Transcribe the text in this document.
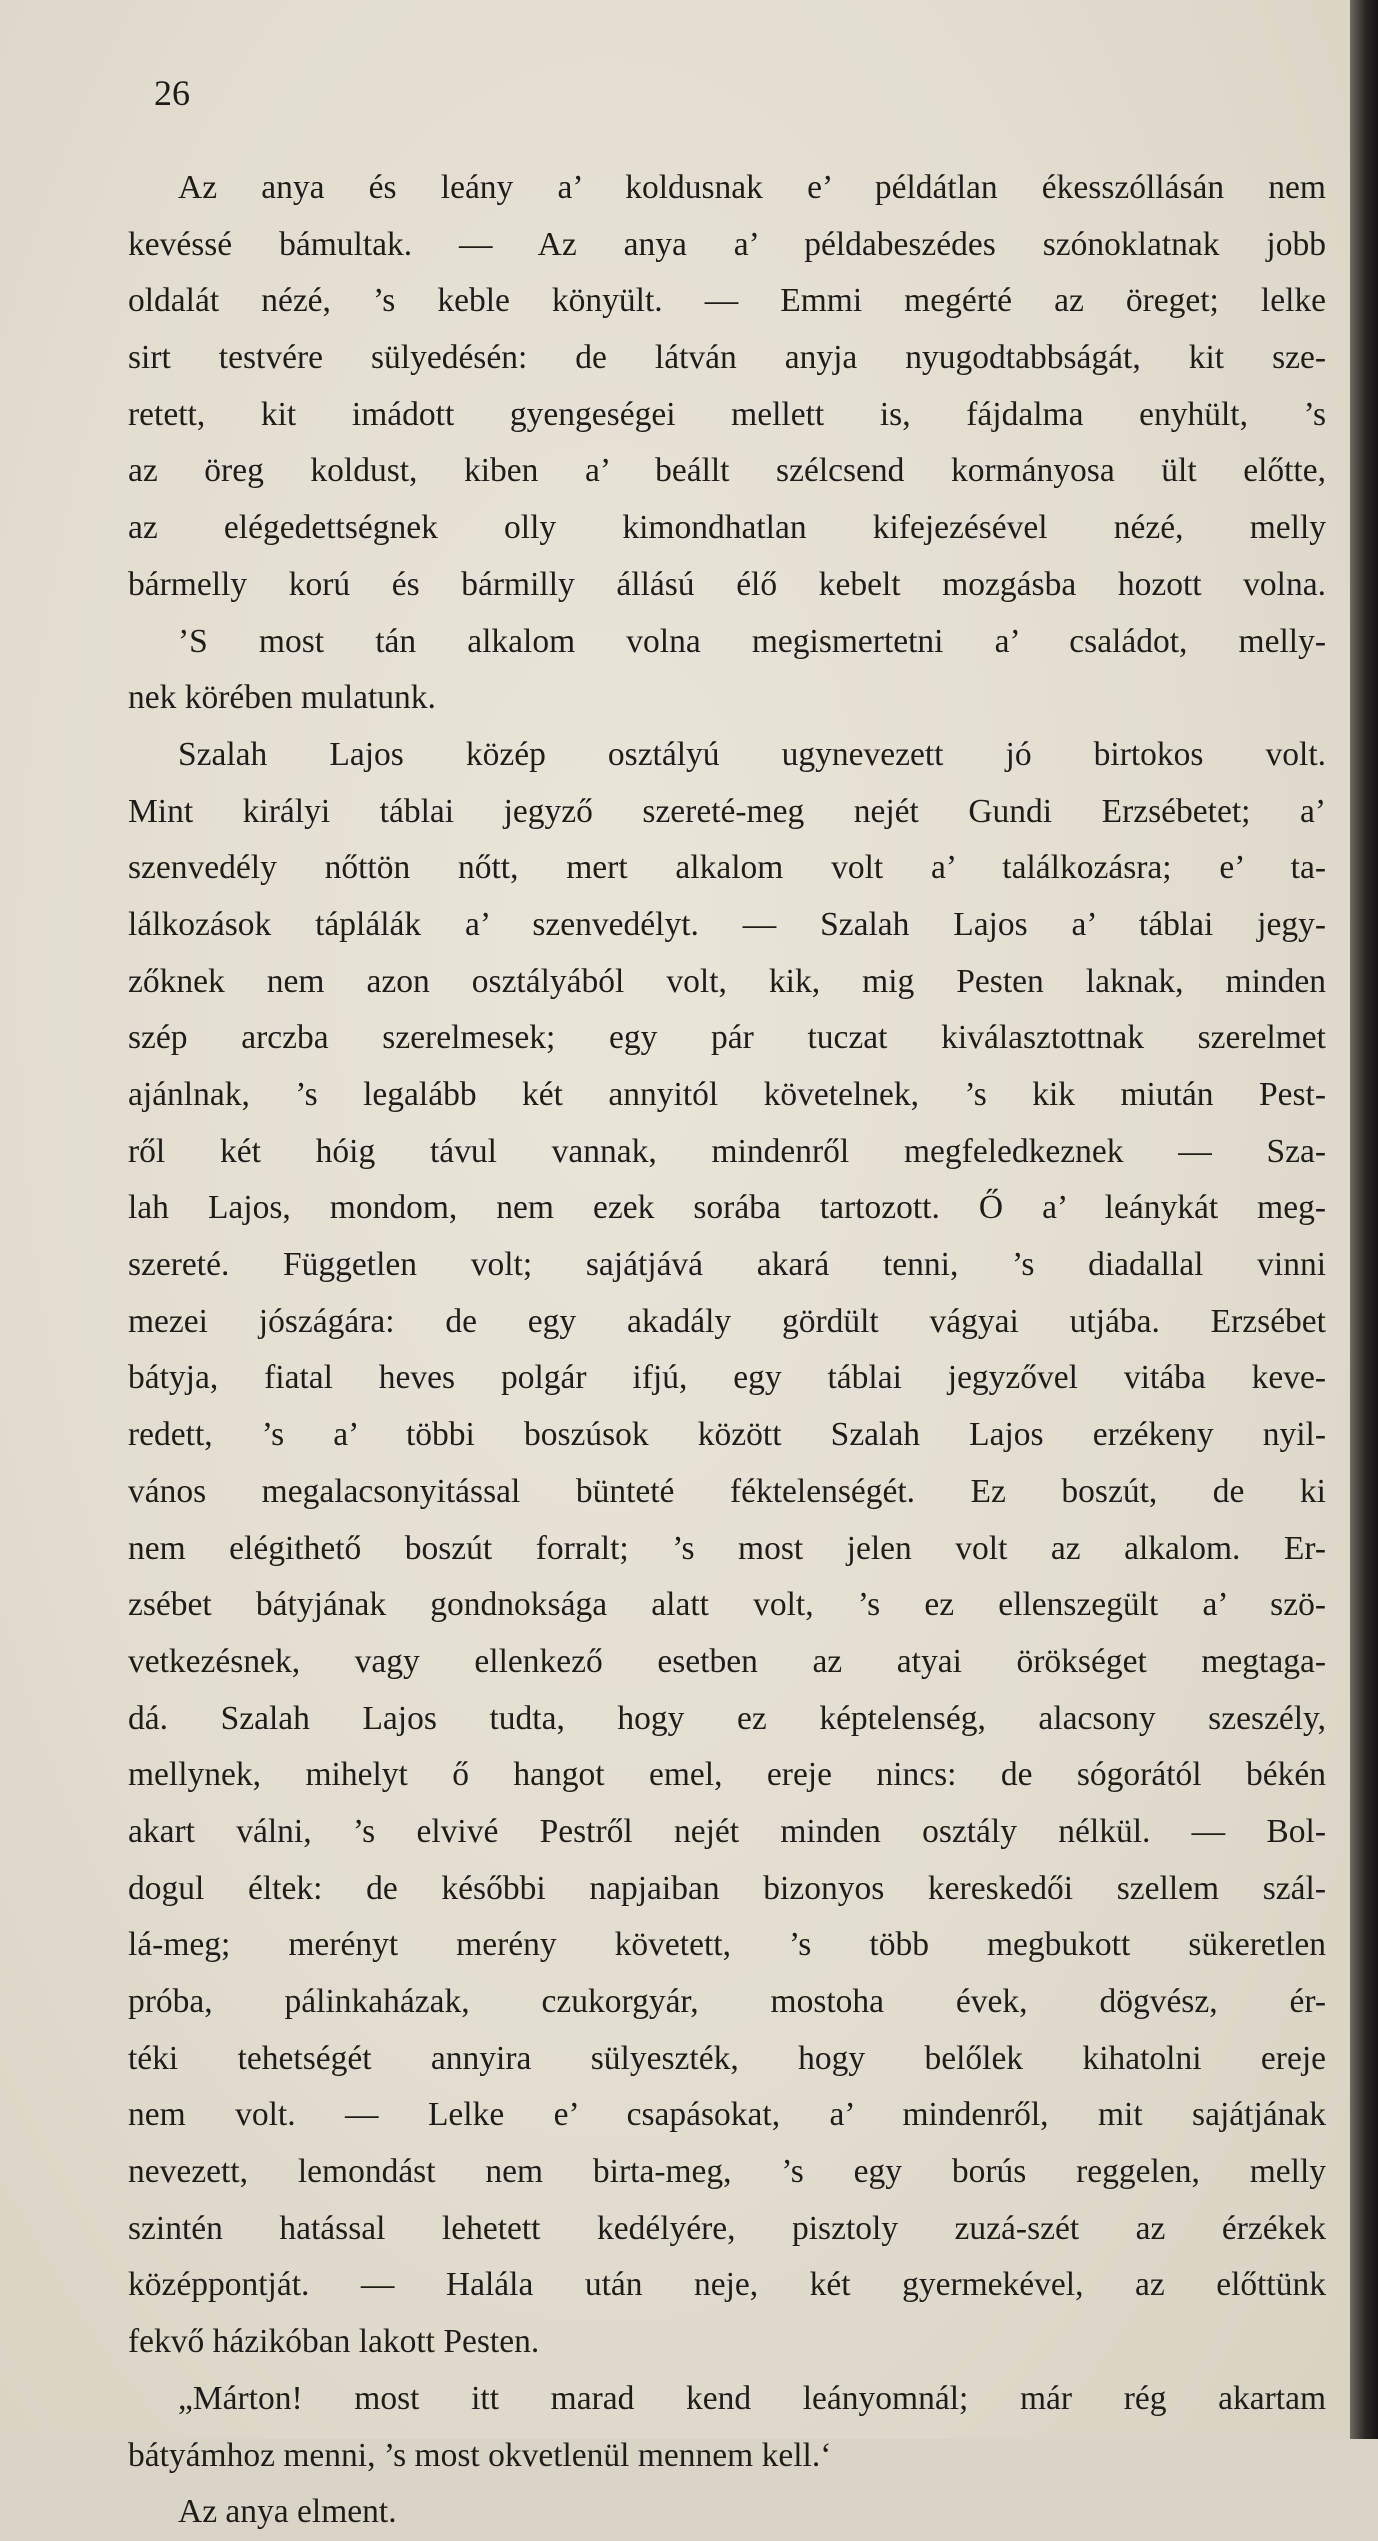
26

Az anya és leány a’ koldusnak e’ példátlan ékesszóllásán nem
kevéssé bámultak. — Az anya a’ példabeszédes szónoklatnak jobb
oldalát nézé, ’s keble könyült. — Emmi megérté az öreget; lelke
sirt testvére sülyedésén: de látván anyja nyugodtabbságát, kit sze-
retett, kit imádott gyengeségei mellett is, fájdalma enyhült, ’s
az öreg koldust, kiben a’ beállt szélcsend kormányosa ült előtte,
az elégedettségnek olly kimondhatlan kifejezésével nézé, melly
bármelly korú és bármilly állású élő kebelt mozgásba hozott volna.
’S most tán alkalom volna megismertetni a’ családot, melly-
nek körében mulatunk.
Szalah Lajos közép osztályú ugynevezett jó birtokos volt.
Mint királyi táblai jegyző szereté-meg nejét Gundi Erzsébetet; a’
szenvedély nőttön nőtt, mert alkalom volt a’ találkozásra; e’ ta-
lálkozások táplálák a’ szenvedélyt. — Szalah Lajos a’ táblai jegy-
zőknek nem azon osztályából volt, kik, mig Pesten laknak, minden
szép arczba szerelmesek; egy pár tuczat kiválasztottnak szerelmet
ajánlnak, ’s legalább két annyitól követelnek, ’s kik miután Pest-
ről két hóig távul vannak, mindenről megfeledkeznek — Sza-
lah Lajos, mondom, nem ezek sorába tartozott. Ő a’ leánykát meg-
szereté. Független volt; sajátjává akará tenni, ’s diadallal vinni
mezei jószágára: de egy akadály gördült vágyai utjába. Erzsébet
bátyja, fiatal heves polgár ifjú, egy táblai jegyzővel vitába keve-
redett, ’s a’ többi boszúsok között Szalah Lajos erzékeny nyil-
vános megalacsonyitással bünteté féktelenségét. Ez boszút, de ki
nem elégithető boszút forralt; ’s most jelen volt az alkalom. Er-
zsébet bátyjának gondnoksága alatt volt, ’s ez ellenszegült a’ szö-
vetkezésnek, vagy ellenkező esetben az atyai örökséget megtaga-
dá. Szalah Lajos tudta, hogy ez képtelenség, alacsony szeszély,
mellynek, mihelyt ő hangot emel, ereje nincs: de sógorától békén
akart válni, ’s elvivé Pestről nejét minden osztály nélkül. — Bol-
dogul éltek: de későbbi napjaiban bizonyos kereskedői szellem szál-
lá-meg; merényt merény követett, ’s több megbukott sükeretlen
próba, pálinkaházak, czukorgyár, mostoha évek, dögvész, ér-
téki tehetségét annyira sülyeszték, hogy belőlek kihatolni ereje
nem volt. — Lelke e’ csapásokat, a’ mindenről, mit sajátjának
nevezett, lemondást nem birta-meg, ’s egy borús reggelen, melly
szintén hatással lehetett kedélyére, pisztoly zuzá-szét az érzékek
középpontját. — Halála után neje, két gyermekével, az előttünk
fekvő házikóban lakott Pesten.
„Márton! most itt marad kend leányomnál; már rég akartam
bátyámhoz menni, ’s most okvetlenül mennem kell.‘
Az anya elment.
